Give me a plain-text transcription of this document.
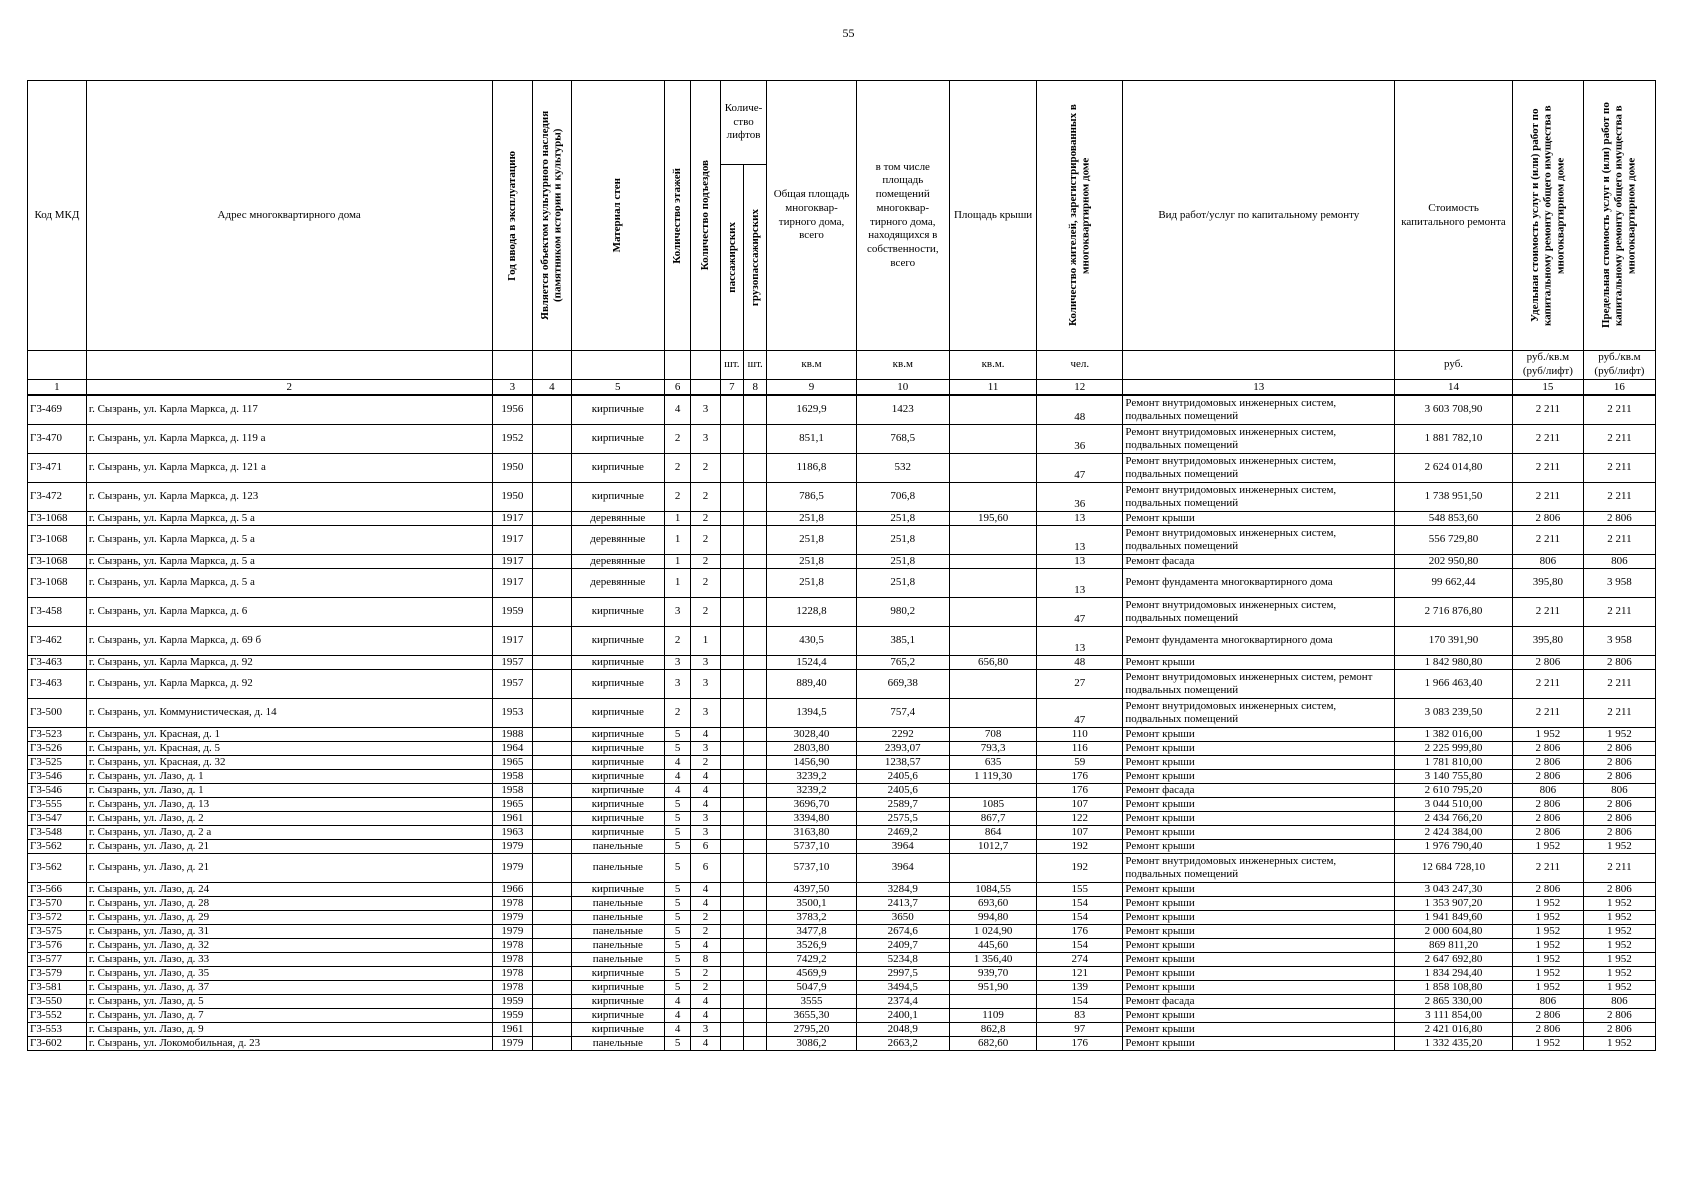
55
Код МКД	Адрес многоквартирного дома	Год ввода в эксплуатацию	Является объектом культурного наследия (памятником истории и культуры)	Материал стен	Количество этажей	Количество подъездов	Количе-ство лифтов		Общая площадь многоквар-тирного дома, всего	в том числе площадь помещений многоквар-тирного дома, находящихся в собственности, всего	Площадь крыши	Количество жителей, зарегистрированных в многоквартирном доме	Вид работ/услуг по капитальному ремонту	Стоимость капитального ремонта	Удельная стоимость услуг и (или) работ по капитальному ремонту общего имущества в многоквартирном доме	Предельная стоимость услуг и (или) работ по капитальному ремонту общего имущества в многоквартирном доме

							пассажирских	грузопассажирских								

							шт.	шт.	кв.м	кв.м	кв.м.	чел.		руб.	руб./кв.м (руб/лифт)	руб./кв.м (руб/лифт)
1	2	3	4	5	6		7	8	9	10	11	12	13	14	15	16

Г3-469	г. Сызрань, ул. Карла Маркса, д. 117	1956		кирпичные	4	3			1629,9	1423		48	Ремонт внутридомовых инженерных систем, подвальных помещений	3 603 708,90	2 211	2 211
Г3-470	г. Сызрань, ул. Карла Маркса, д. 119 а	1952		кирпичные	2	3			851,1	768,5		36	Ремонт внутридомовых инженерных систем, подвальных помещений	1 881 782,10	2 211	2 211
Г3-471	г. Сызрань, ул. Карла Маркса, д. 121 а	1950		кирпичные	2	2			1186,8	532		47	Ремонт внутридомовых инженерных систем, подвальных помещений	2 624 014,80	2 211	2 211
Г3-472	г. Сызрань, ул. Карла Маркса, д. 123	1950		кирпичные	2	2			786,5	706,8		36	Ремонт внутридомовых инженерных систем, подвальных помещений	1 738 951,50	2 211	2 211
Г3-1068	г. Сызрань, ул. Карла Маркса, д. 5 а	1917		деревянные	1	2			251,8	251,8	195,60	13	Ремонт крыши	548 853,60	2 806	2 806
Г3-1068	г. Сызрань, ул. Карла Маркса, д. 5 а	1917		деревянные	1	2			251,8	251,8		13	Ремонт внутридомовых инженерных систем, подвальных помещений	556 729,80	2 211	2 211
Г3-1068	г. Сызрань, ул. Карла Маркса, д. 5 а	1917		деревянные	1	2			251,8	251,8		13	Ремонт фасада	202 950,80	806	806
Г3-1068	г. Сызрань, ул. Карла Маркса, д. 5 а	1917		деревянные	1	2			251,8	251,8		13	Ремонт фундамента многоквартирного дома	99 662,44	395,80	3 958
Г3-458	г. Сызрань, ул. Карла Маркса, д. 6	1959		кирпичные	3	2			1228,8	980,2		47	Ремонт внутридомовых инженерных систем, подвальных помещений	2 716 876,80	2 211	2 211
Г3-462	г. Сызрань, ул. Карла Маркса, д. 69 б	1917		кирпичные	2	1			430,5	385,1		13	Ремонт фундамента многоквартирного дома	170 391,90	395,80	3 958
Г3-463	г. Сызрань, ул. Карла Маркса, д. 92	1957		кирпичные	3	3			1524,4	765,2	656,80	48	Ремонт крыши	1 842 980,80	2 806	2 806
Г3-463	г. Сызрань, ул. Карла Маркса, д. 92	1957		кирпичные	3	3			889,40	669,38		27	Ремонт внутридомовых инженерных систем, ремонт подвальных помещений	1 966 463,40	2 211	2 211
Г3-500	г. Сызрань, ул. Коммунистическая, д. 14	1953		кирпичные	2	3			1394,5	757,4		47	Ремонт внутридомовых инженерных систем, подвальных помещений	3 083 239,50	2 211	2 211
Г3-523	г. Сызрань, ул. Красная, д. 1	1988		кирпичные	5	4			3028,40	2292	708	110	Ремонт крыши	1 382 016,00	1 952	1 952
Г3-526	г. Сызрань, ул. Красная, д. 5	1964		кирпичные	5	3			2803,80	2393,07	793,3	116	Ремонт крыши	2 225 999,80	2 806	2 806
Г3-525	г. Сызрань, ул. Красная, д. 32	1965		кирпичные	4	2			1456,90	1238,57	635	59	Ремонт крыши	1 781 810,00	2 806	2 806
Г3-546	г. Сызрань, ул. Лазо, д. 1	1958		кирпичные	4	4			3239,2	2405,6	1 119,30	176	Ремонт крыши	3 140 755,80	2 806	2 806
Г3-546	г. Сызрань, ул. Лазо, д. 1	1958		кирпичные	4	4			3239,2	2405,6		176	Ремонт фасада	2 610 795,20	806	806
Г3-555	г. Сызрань, ул. Лазо, д. 13	1965		кирпичные	5	4			3696,70	2589,7	1085	107	Ремонт крыши	3 044 510,00	2 806	2 806
Г3-547	г. Сызрань, ул. Лазо, д. 2	1961		кирпичные	5	3			3394,80	2575,5	867,7	122	Ремонт крыши	2 434 766,20	2 806	2 806
Г3-548	г. Сызрань, ул. Лазо, д. 2 а	1963		кирпичные	5	3			3163,80	2469,2	864	107	Ремонт крыши	2 424 384,00	2 806	2 806
Г3-562	г. Сызрань, ул. Лазо, д. 21	1979		панельные	5	6			5737,10	3964	1012,7	192	Ремонт крыши	1 976 790,40	1 952	1 952
Г3-562	г. Сызрань, ул. Лазо, д. 21	1979		панельные	5	6			5737,10	3964		192	Ремонт внутридомовых инженерных систем, подвальных помещений	12 684 728,10	2 211	2 211
Г3-566	г. Сызрань, ул. Лазо, д. 24	1966		кирпичные	5	4			4397,50	3284,9	1084,55	155	Ремонт крыши	3 043 247,30	2 806	2 806
Г3-570	г. Сызрань, ул. Лазо, д. 28	1978		панельные	5	4			3500,1	2413,7	693,60	154	Ремонт крыши	1 353 907,20	1 952	1 952
Г3-572	г. Сызрань, ул. Лазо, д. 29	1979		панельные	5	2			3783,2	3650	994,80	154	Ремонт крыши	1 941 849,60	1 952	1 952
Г3-575	г. Сызрань, ул. Лазо, д. 31	1979		панельные	5	2			3477,8	2674,6	1 024,90	176	Ремонт крыши	2 000 604,80	1 952	1 952
Г3-576	г. Сызрань, ул. Лазо, д. 32	1978		панельные	5	4			3526,9	2409,7	445,60	154	Ремонт крыши	869 811,20	1 952	1 952
Г3-577	г. Сызрань, ул. Лазо, д. 33	1978		панельные	5	8			7429,2	5234,8	1 356,40	274	Ремонт крыши	2 647 692,80	1 952	1 952
Г3-579	г. Сызрань, ул. Лазо, д. 35	1978		кирпичные	5	2			4569,9	2997,5	939,70	121	Ремонт крыши	1 834 294,40	1 952	1 952
Г3-581	г. Сызрань, ул. Лазо, д. 37	1978		кирпичные	5	2			5047,9	3494,5	951,90	139	Ремонт крыши	1 858 108,80	1 952	1 952
Г3-550	г. Сызрань, ул. Лазо, д. 5	1959		кирпичные	4	4			3555	2374,4		154	Ремонт фасада	2 865 330,00	806	806
Г3-552	г. Сызрань, ул. Лазо, д. 7	1959		кирпичные	4	4			3655,30	2400,1	1109	83	Ремонт крыши	3 111 854,00	2 806	2 806
Г3-553	г. Сызрань, ул. Лазо, д. 9	1961		кирпичные	4	3			2795,20	2048,9	862,8	97	Ремонт крыши	2 421 016,80	2 806	2 806
Г3-602	г. Сызрань, ул. Локомобильная, д. 23	1979		панельные	5	4			3086,2	2663,2	682,60	176	Ремонт крыши	1 332 435,20	1 952	1 952
